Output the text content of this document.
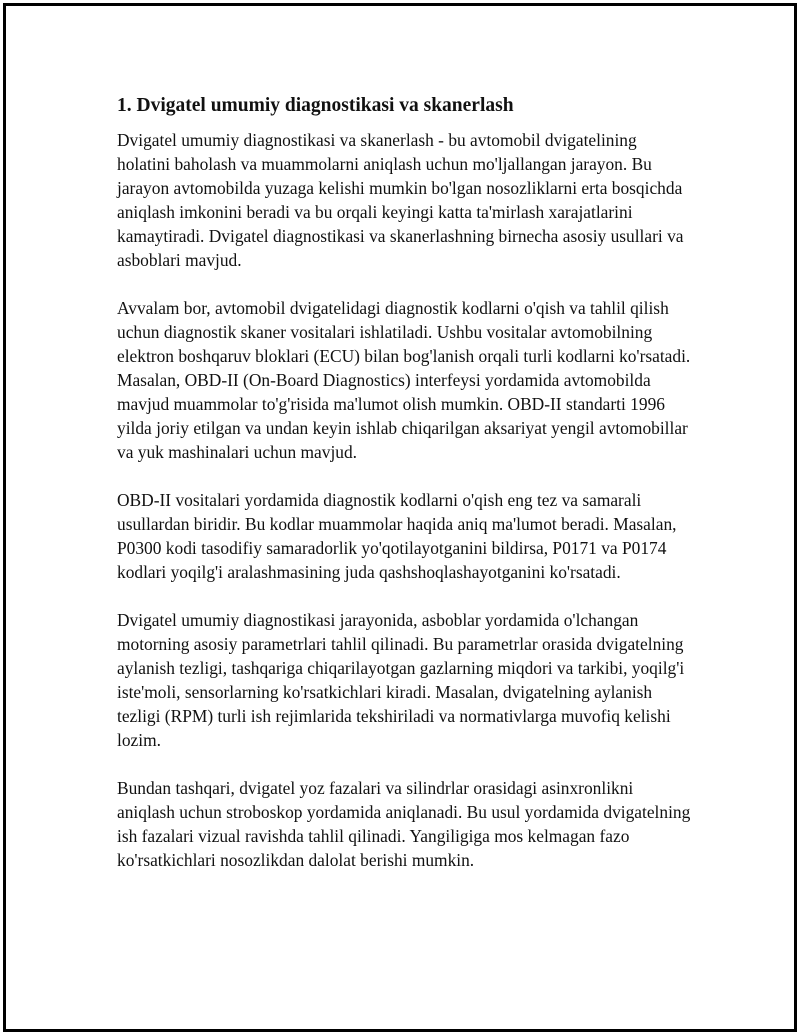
1. Dvigatel umumiy diagnostikasi va skanerlash

Dvigatel umumiy diagnostikasi va skanerlash - bu avtomobil dvigatelining holatini baholash va muammolarni aniqlash uchun mo'ljallangan jarayon. Bu jarayon avtomobilda yuzaga kelishi mumkin bo'lgan nosozliklarni erta bosqichda aniqlash imkonini beradi va bu orqali keyingi katta ta'mirlash xarajatlarini kamaytiradi. Dvigatel diagnostikasi va skanerlashning birnecha asosiy usullari va asboblari mavjud.

Avvalam bor, avtomobil dvigatelidagi diagnostik kodlarni o'qish va tahlil qilish uchun diagnostik skaner vositalari ishlatiladi. Ushbu vositalar avtomobilning elektron boshqaruv bloklari (ECU) bilan bog'lanish orqali turli kodlarni ko'rsatadi. Masalan, OBD-II (On-Board Diagnostics) interfeysi yordamida avtomobilda mavjud muammolar to'g'risida ma'lumot olish mumkin. OBD-II standarti 1996 yilda joriy etilgan va undan keyin ishlab chiqarilgan aksariyat yengil avtomobillar va yuk mashinalari uchun mavjud.

OBD-II vositalari yordamida diagnostik kodlarni o'qish eng tez va samarali usullardan biridir. Bu kodlar muammolar haqida aniq ma'lumot beradi. Masalan, P0300 kodi tasodifiy samaradorlik yo'qotilayotganini bildirsa, P0171 va P0174 kodlari yoqilg'i aralashmasining juda qashshoqlashayotganini ko'rsatadi.

Dvigatel umumiy diagnostikasi jarayonida, asboblar yordamida o'lchangan motorning asosiy parametrlari tahlil qilinadi. Bu parametrlar orasida dvigatelning aylanish tezligi, tashqariga chiqarilayotgan gazlarning miqdori va tarkibi, yoqilg'i iste'moli, sensorlarning ko'rsatkichlari kiradi. Masalan, dvigatelning aylanish tezligi (RPM) turli ish rejimlarida tekshiriladi va normativlarga muvofiq kelishi lozim.

Bundan tashqari, dvigatel yoz fazalari va silindrlar orasidagi asinxronlikni aniqlash uchun stroboskop yordamida aniqlanadi. Bu usul yordamida dvigatelning ish fazalari vizual ravishda tahlil qilinadi. Yangiligiga mos kelmagan fazo ko'rsatkichlari nosozlikdan dalolat berishi mumkin.
